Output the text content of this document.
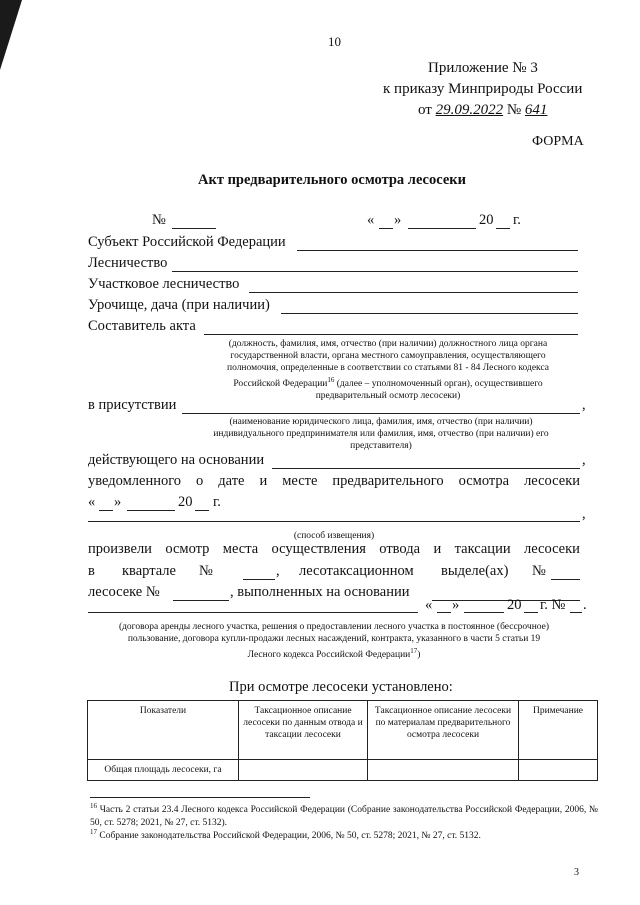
10
Приложение № 3
к приказу Минприроды России
от 29.09.2022 № 641
ФОРМА
Акт предварительного осмотра лесосеки
№	« »	20 г.
Субъект Российской Федерации
Лесничество
Участковое лесничество
Урочище, дача (при наличии)
Составитель акта
(должность, фамилия, имя, отчество (при наличии) должностного лица органа
государственной власти, органа местного самоуправления, осуществляющего
полномочия, определенные в соответствии со статьями 81 - 84 Лесного кодекса
Российской Федерации$^{16}$ (далее – уполномоченный орган), осуществившего
предварительный осмотр лесосеки)
в присутствии	,
(наименование юридического лица, фамилия, имя, отчество (при наличии)
индивидуального предпринимателя или фамилия, имя, отчество (при наличии) его
представителя)
действующего на основании	,
уведомленного о дате и месте предварительного осмотра лесосеки
« »	20 г.
,
(способ извещения)
произвели осмотр места осуществления отвода и таксации лесосеки
в квартале №	, лесотаксационном выделе(ах) №
лесосеке №	, выполненных на основании
« »	20 г. № .
(договора аренды лесного участка, решения о предоставлении лесного участка в постоянное (бессрочное)
пользование, договора купли-продажи лесных насаждений, контракта, указанного в части 5 статьи 19
Лесного кодекса Российской Федерации$^{17}$)
При осмотре лесосеки установлено:
Показатели	Таксационное описание лесосеки по данным отвода и таксации лесосеки	Таксационное описание лесосеки по материалам предварительного осмотра лесосеки	Примечание
Общая площадь лесосеки, га			
$^{16}$ Часть 2 статьи 23.4 Лесного кодекса Российской Федерации (Собрание законодательства Российской Федерации, 2006, № 50, ст. 5278; 2021, № 27, ст. 5132).
$^{17}$ Собрание законодательства Российской Федерации, 2006, № 50, ст. 5278; 2021, № 27, ст. 5132.
3
